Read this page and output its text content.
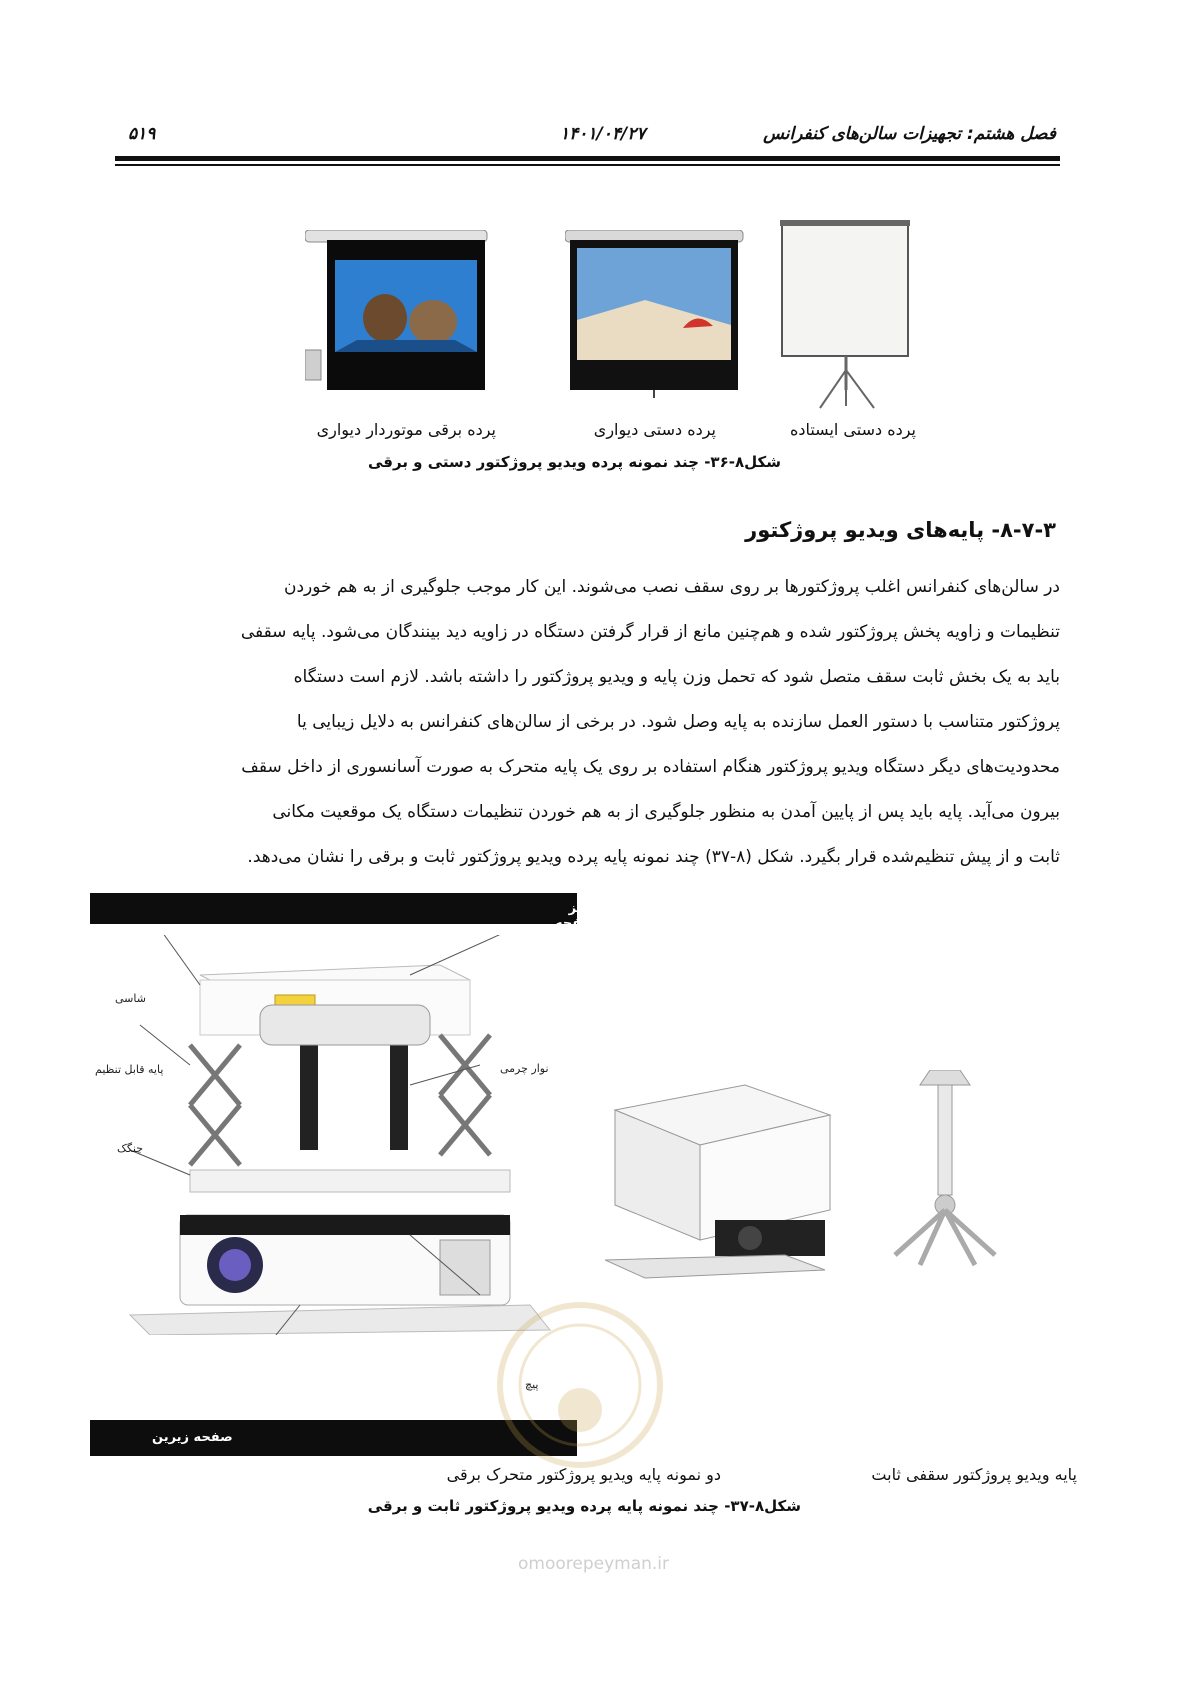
فصل هشتم: تجهیزات سالن‌های کنفرانس
۱۴۰۱/۰۴/۲۷
۵۱۹
پرده دستی ایستاده
پرده دستی دیواری
پرده برقی موتوردار دیواری
شکل۸-۳۶- چند نمونه پرده ویدیو پروژکتور دستی و برقی
۸-۷-۳- پایه‌های ویدیو پروژکتور

در سالن‌های کنفرانس اغلب پروژکتورها بر روی سقف نصب می‌شوند. این کار موجب جلوگیری از به هم خوردن

تنظیمات و زاویه پخش پروژکتور شده و هم‌چنین مانع از قرار گرفتن دستگاه در زاویه دید بینندگان می‌شود. پایه سقفی

باید به یک بخش ثابت سقف متصل شود که تحمل وزن پایه و ویدیو پروژکتور را داشته باشد. لازم است دستگاه

پروژکتور متناسب با دستور العمل سازنده به پایه وصل شود. در برخی از سالن‌های کنفرانس به دلایل زیبایی یا

محدودیت‌های دیگر دستگاه ویدیو پروژکتور هنگام استفاده بر روی یک پایه متحرک به صورت آسانسوری از داخل سقف

بیرون می‌آید. پایه باید پس از پایین آمدن به منظور جلوگیری از به هم خوردن تنظیمات دستگاه یک موقعیت مکانی

ثابت و از پیش تنظیم‌شده قرار بگیرد. شکل (۸-۳۷) چند نمونه پایه پرده ویدیو پروژکتور ثابت و برقی را نشان می‌دهد.

آویز صفحه نصب
شاسی
پایه قابل تنظیم	نوار چرمی
چنگک
پیچ
صفحه زیرین
دو نمونه پایه ویدیو پروژکتور متحرک برقی	پایه ویدیو پروژکتور سقفی ثابت
شکل۸-۳۷- چند نمونه پایه پرده ویدیو پروژکتور ثابت و برقی
omoorepeyman.ir
